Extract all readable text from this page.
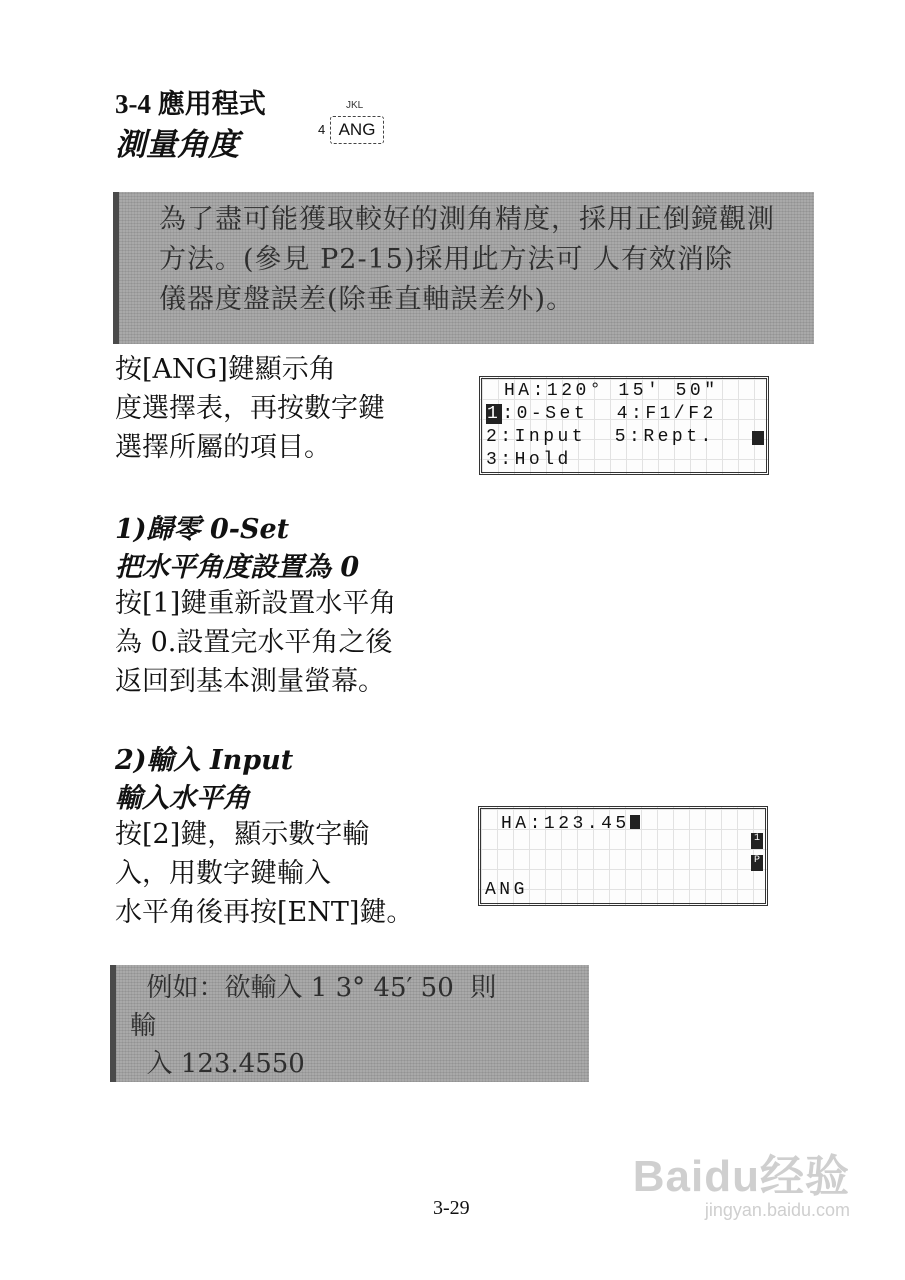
3-4 應用程式
測量角度
JKL
4 ANG
為了盡可能獲取較好的測角精度，採用正倒鏡觀測
方法。(參見 P2-15)採用此方法可 人有效消除
儀器度盤誤差(除垂直軸誤差外)。
按[ANG]鍵顯示角
度選擇表，再按數字鍵
選擇所屬的項目。
HA:120° 15' 50"
1:0-Set  4:F1/F2
2:Input  5:Rept.
3:Hold
1)歸零 0-Set
把水平角度設置為 0
按[1]鍵重新設置水平角
為 0.設置完水平角之後
返回到基本測量螢幕。
2)輸入 Input
輸入水平角
按[2]鍵，顯示數字輸
入，用數字鍵輸入
水平角後再按[ENT]鍵。
HA:123.45
ANG
1
P
例如：欲輸入 1 3° 45′ 50  則
輸
入 123.4550
3-29
Baidu经验
jingyan.baidu.com
